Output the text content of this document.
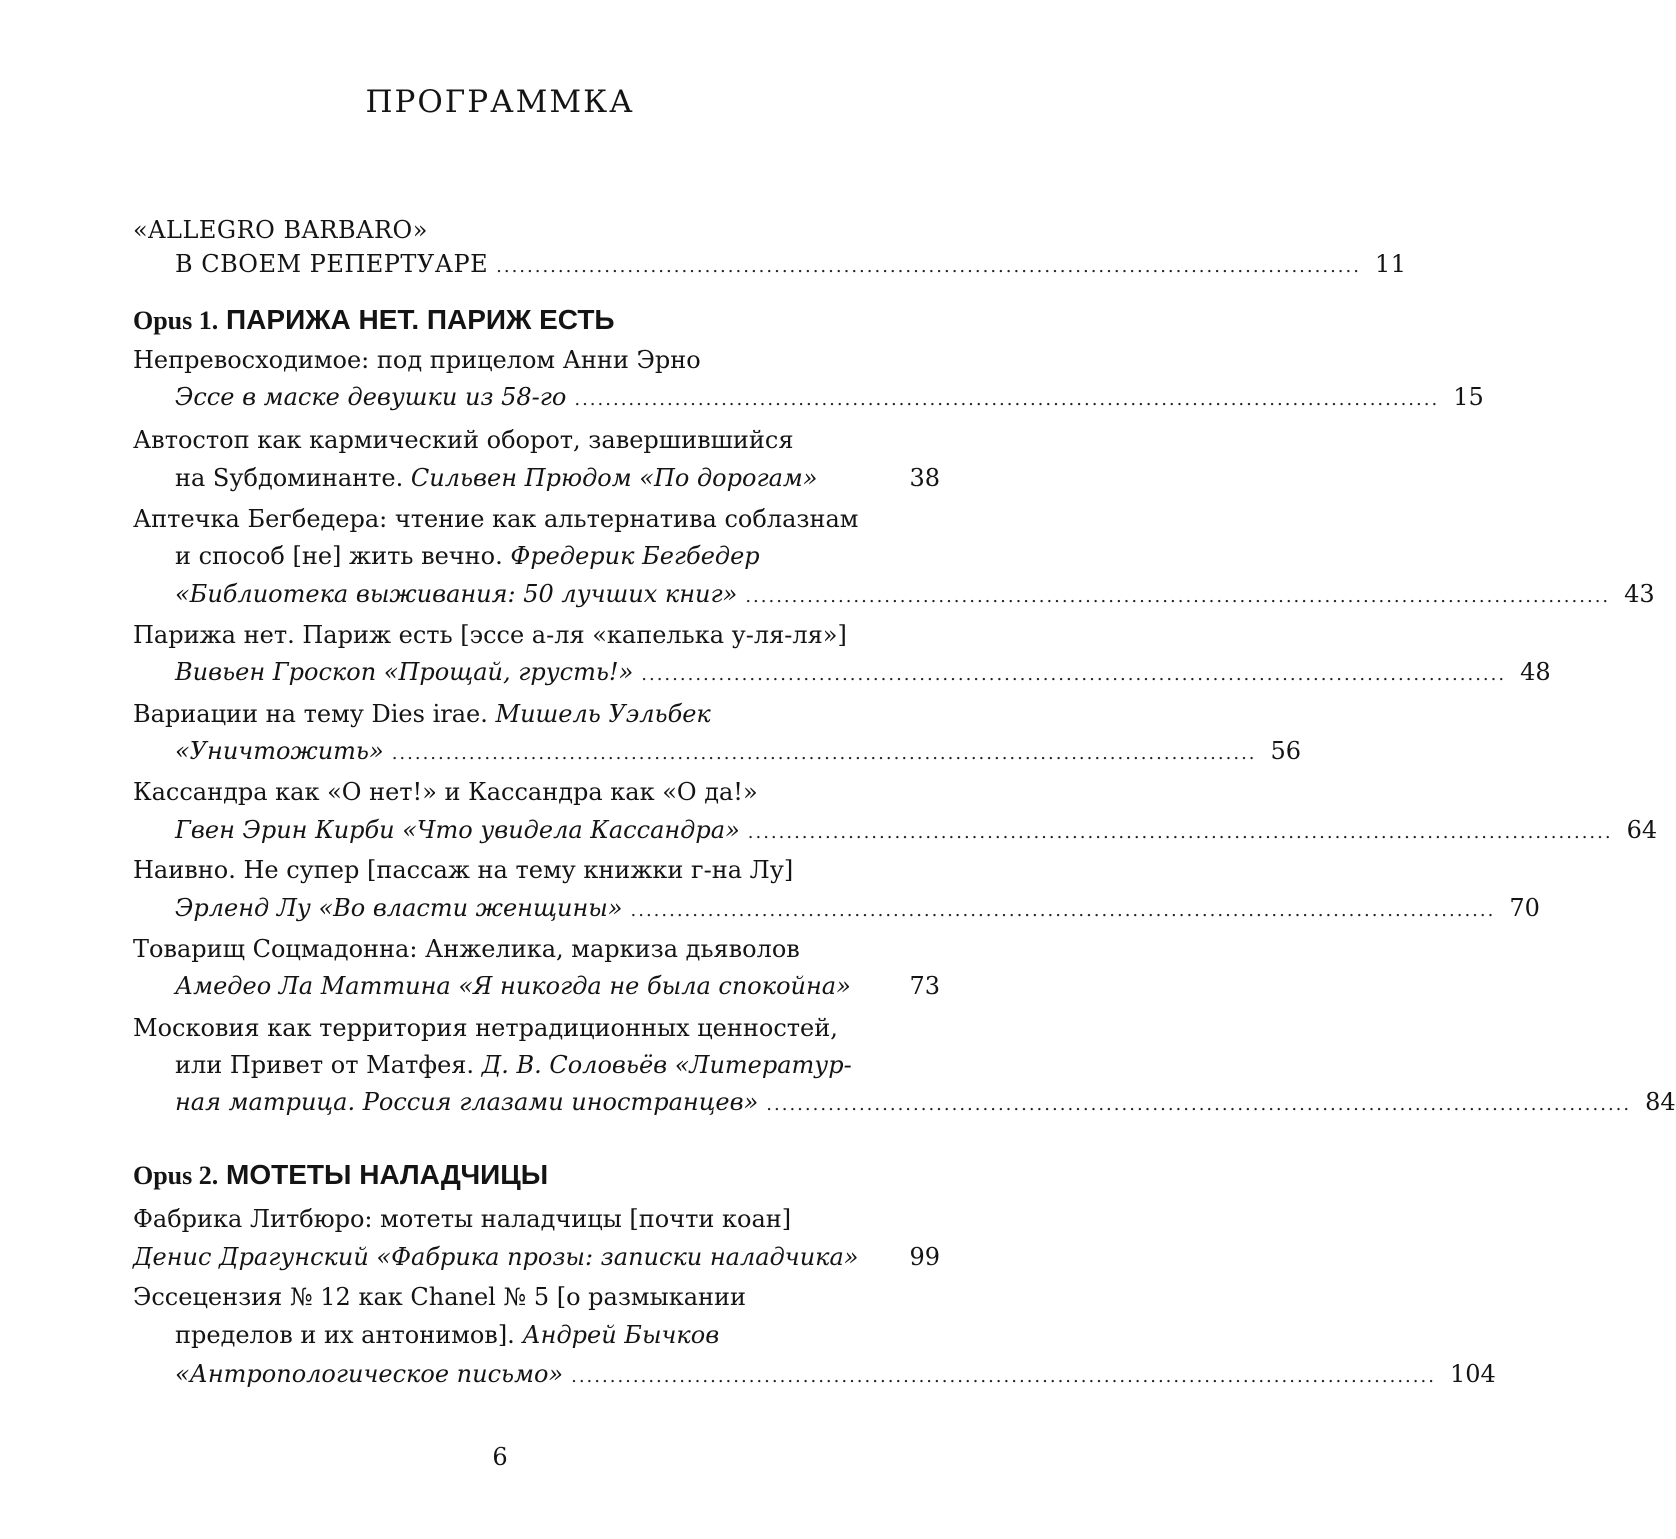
ПРОГРАММКА
«ALLEGRO BARBARO»
В СВОЕМ РЕПЕРТУАРЕ ................................................................................................................ 11
Opus 1. ПАРИЖА НЕТ. ПАРИЖ ЕСТЬ
Непревосходимое: под прицелом Анни Эрно
Эссе в маске девушки из 58-го ................................................................................................................ 15
Автостоп как кармический оборот, завершившийся
на Sубдоминанте.
Сильвен Прюдом «По дорогам»	38
Аптечка Бегбедера: чтение как альтернатива соблазнам
и способ [не] жить вечно.
Фредерик Бегбедер
«Библиотека выживания: 50 лучших книг» ................................................................................................................ 43
Парижа нет. Париж есть [эссе а-ля «капелька у-ля-ля»]
Вивьен Гроскоп «Прощай, грусть!» ................................................................................................................ 48
Вариации на тему Dies irae.
Мишель Уэльбек
«Уничтожить» ................................................................................................................ 56
Кассандра как «О нет!» и Кассандра как «О да!»
Гвен Эрин Кирби «Что увидела Кассандра» ................................................................................................................ 64
Наивно. Не супер [пассаж на тему книжки г-на Лу]
Эрленд Лу «Во власти женщины» ................................................................................................................ 70
Товарищ Соцмадонна: Анжелика, маркиза дьяволов
Амедео Ла Маттина «Я никогда не была спокойна» 73
Московия как территория нетрадиционных ценностей,
или Привет от Матфея.
Д. В. Соловьёв «Литератур-
ная матрица. Россия глазами иностранцев» ................................................................................................................ 84
Opus 2. МОТЕТЫ НАЛАДЧИЦЫ
Фабрика Литбюро: мотеты наладчицы [почти коан]
Денис Драгунский «Фабрика прозы: записки наладчика» 99
Эссецензия № 12 как Chanel № 5 [о размыкании
пределов и их антонимов].
Андрей Бычков
«Антропологическое письмо» ................................................................................................................ 104
6
